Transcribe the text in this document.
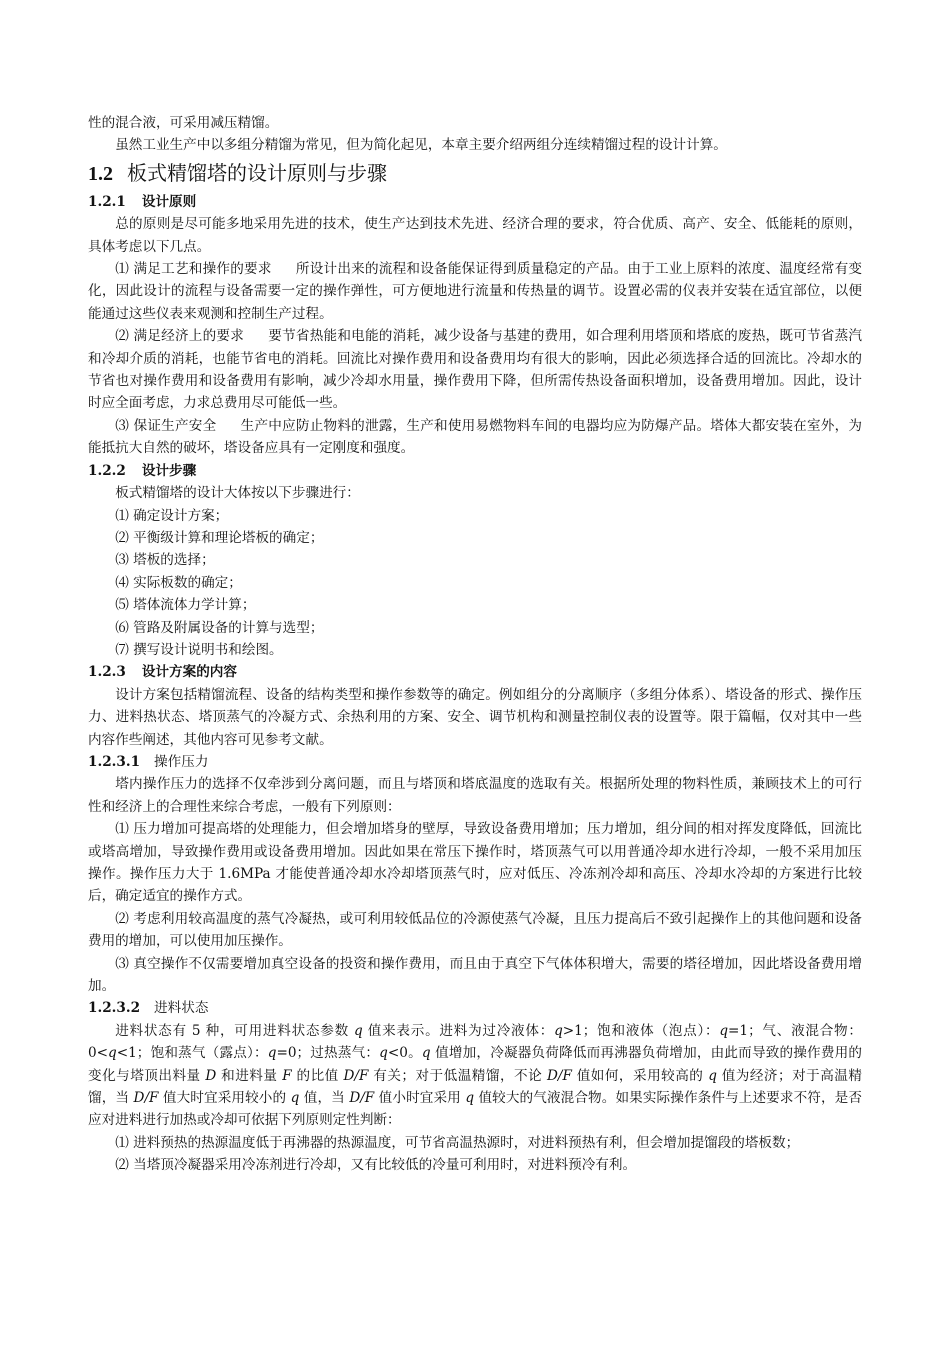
性的混合液，可采用减压精馏。

虽然工业生产中以多组分精馏为常见，但为简化起见，本章主要介绍两组分连续精馏过程的设计计算。

1.2 板式精馏塔的设计原则与步骤
1.2.1 设计原则

总的原则是尽可能多地采用先进的技术，使生产达到技术先进、经济合理的要求，符合优质、高产、安全、低能耗的原则，具体考虑以下几点。

⑴ 满足工艺和操作的要求 所设计出来的流程和设备能保证得到质量稳定的产品。由于工业上原料的浓度、温度经常有变化，因此设计的流程与设备需要一定的操作弹性，可方便地进行流量和传热量的调节。设置必需的仪表并安装在适宜部位，以便能通过这些仪表来观测和控制生产过程。

⑵ 满足经济上的要求 要节省热能和电能的消耗，减少设备与基建的费用，如合理利用塔顶和塔底的废热，既可节省蒸汽和冷却介质的消耗，也能节省电的消耗。回流比对操作费用和设备费用均有很大的影响，因此必须选择合适的回流比。冷却水的节省也对操作费用和设备费用有影响，减少冷却水用量，操作费用下降，但所需传热设备面积增加，设备费用增加。因此，设计时应全面考虑，力求总费用尽可能低一些。

⑶ 保证生产安全 生产中应防止物料的泄露，生产和使用易燃物料车间的电器均应为防爆产品。塔体大都安装在室外，为能抵抗大自然的破坏，塔设备应具有一定刚度和强度。

1.2.2 设计步骤

板式精馏塔的设计大体按以下步骤进行：

⑴ 确定设计方案；

⑵ 平衡级计算和理论塔板的确定；

⑶ 塔板的选择；

⑷ 实际板数的确定；

⑸ 塔体流体力学计算；

⑹ 管路及附属设备的计算与选型；

⑺ 撰写设计说明书和绘图。

1.2.3 设计方案的内容

设计方案包括精馏流程、设备的结构类型和操作参数等的确定。例如组分的分离顺序（多组分体系）、塔设备的形式、操作压力、进料热状态、塔顶蒸气的冷凝方式、余热利用的方案、安全、调节机构和测量控制仪表的设置等。限于篇幅，仅对其中一些内容作些阐述，其他内容可见参考文献。

1.2.3.1 操作压力

塔内操作压力的选择不仅牵涉到分离问题，而且与塔顶和塔底温度的选取有关。根据所处理的物料性质，兼顾技术上的可行性和经济上的合理性来综合考虑，一般有下列原则：

⑴ 压力增加可提高塔的处理能力，但会增加塔身的壁厚，导致设备费用增加；压力增加，组分间的相对挥发度降低，回流比或塔高增加，导致操作费用或设备费用增加。因此如果在常压下操作时，塔顶蒸气可以用普通冷却水进行冷却，一般不采用加压操作。操作压力大于 1.6MPa 才能使普通冷却水冷却塔顶蒸气时，应对低压、冷冻剂冷却和高压、冷却水冷却的方案进行比较后，确定适宜的操作方式。

⑵ 考虑利用较高温度的蒸气冷凝热，或可利用较低品位的冷源使蒸气冷凝，且压力提高后不致引起操作上的其他问题和设备费用的增加，可以使用加压操作。

⑶ 真空操作不仅需要增加真空设备的投资和操作费用，而且由于真空下气体体积增大，需要的塔径增加，因此塔设备费用增加。

1.2.3.2 进料状态

进料状态有 5 种，可用进料状态参数 q 值来表示。进料为过冷液体：q>1；饱和液体（泡点）：q=1；气、液混合物：0<q<1；饱和蒸气（露点）：q=0；过热蒸气：q<0。q 值增加，冷凝器负荷降低而再沸器负荷增加，由此而导致的操作费用的变化与塔顶出料量 D 和进料量 F 的比值 D/F 有关；对于低温精馏，不论 D/F 值如何，采用较高的 q 值为经济；对于高温精馏，当 D/F 值大时宜采用较小的 q 值，当 D/F 值小时宜采用 q 值较大的气液混合物。如果实际操作条件与上述要求不符，是否应对进料进行加热或冷却可依据下列原则定性判断：

⑴ 进料预热的热源温度低于再沸器的热源温度，可节省高温热源时，对进料预热有利，但会增加提馏段的塔板数；

⑵ 当塔顶冷凝器采用冷冻剂进行冷却，又有比较低的冷量可利用时，对进料预冷有利。
